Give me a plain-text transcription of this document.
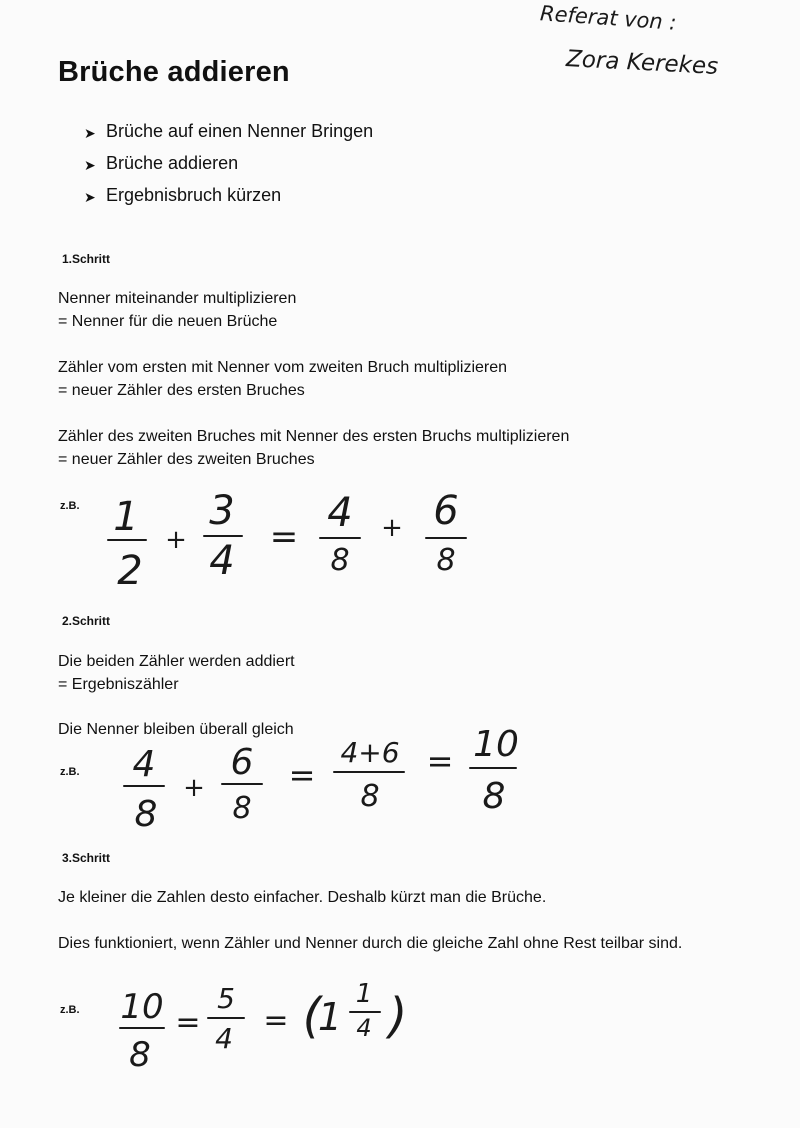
Brüche addieren
Referat von :
Zora Kerekes
➤ Brüche auf einen Nenner Bringen
➤ Brüche addieren
➤ Ergebnisbruch kürzen
1.Schritt
Nenner miteinander multiplizieren
= Nenner für die neuen Brüche
Zähler vom ersten mit Nenner vom zweiten Bruch multiplizieren
= neuer Zähler des ersten Bruches
Zähler des zweiten Bruches mit Nenner des ersten Bruchs multiplizieren
= neuer Zähler des zweiten Bruches
z.B. 1
2
+
3
4
=
4
8
+ 6
8
2.Schritt
Die beiden Zähler werden addiert
= Ergebniszähler
Die Nenner bleiben überall gleich
z.B. 4
8
+
6
8
=
4+6
8
= 10
8
3.Schritt
Je kleiner die Zahlen desto einfacher. Deshalb kürzt man die Brüche.
Dies funktioniert, wenn Zähler und Nenner durch die gleiche Zahl ohne Rest teilbar sind.
z.B. 10
8
=
5
4
= (
1
1
4 )
